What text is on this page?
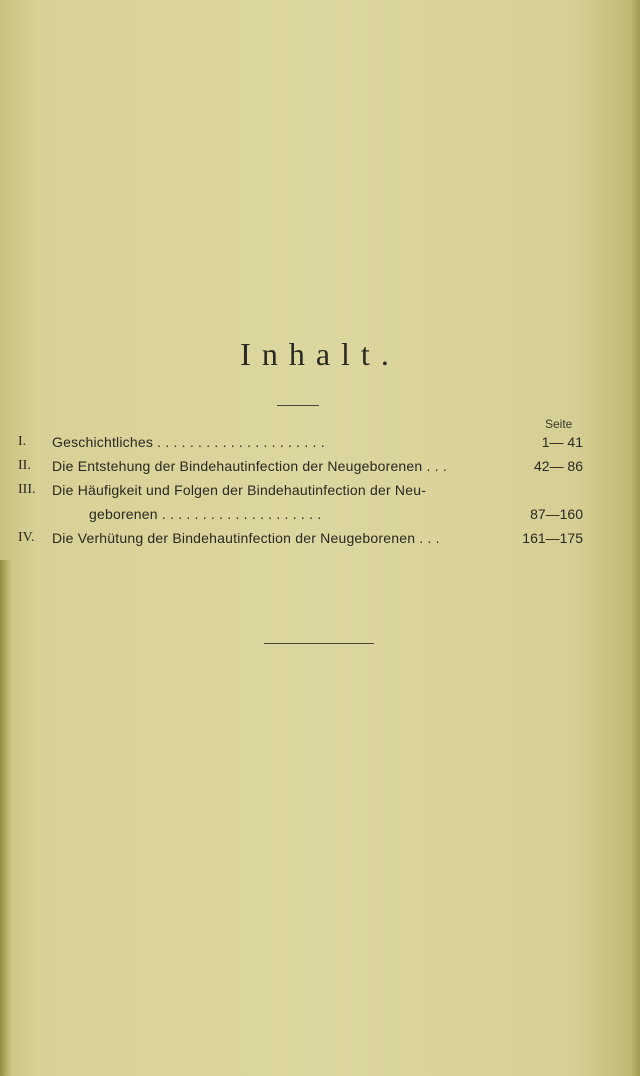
Inhalt.
Seite
I. Geschichtliches . . . . . . . . . . . . . . . . . . . . .	1— 41
II. Die Entstehung der Bindehautinfection der Neugeborenen . . .	42— 86
III. Die Häufigkeit und Folgen der Bindehautinfection der Neu-
geborenen . . . . . . . . . . . . . . . . . . . .	87—160
IV. Die Verhütung der Bindehautinfection der Neugeborenen . . .	161—175
